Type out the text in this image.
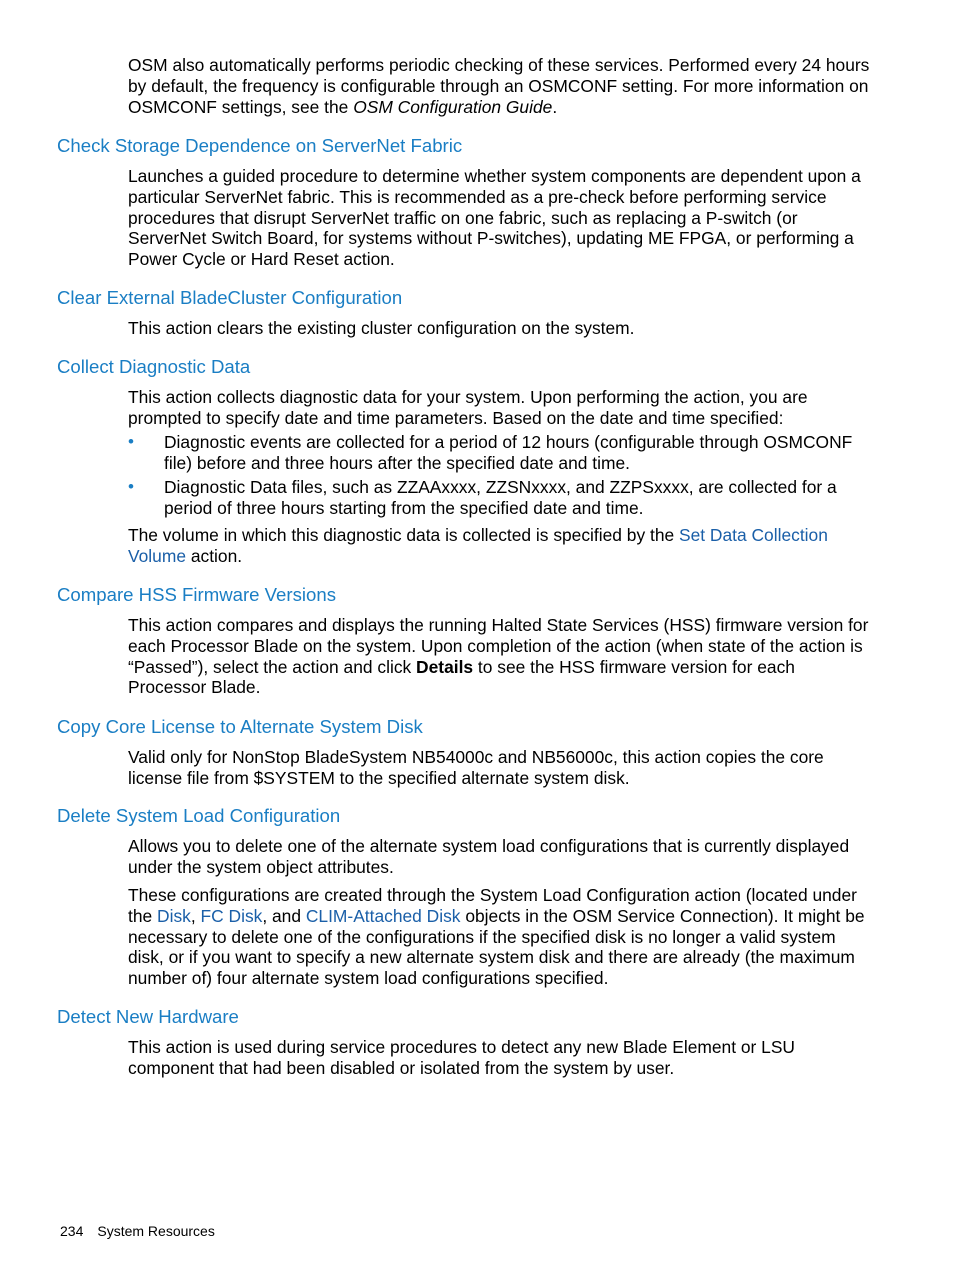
OSM also automatically performs periodic checking of these services. Performed every 24 hours by default, the frequency is configurable through an OSMCONF setting. For more information on OSMCONF settings, see the OSM Configuration Guide.

Check Storage Dependence on ServerNet Fabric

Launches a guided procedure to determine whether system components are dependent upon a particular ServerNet fabric. This is recommended as a pre-check before performing service procedures that disrupt ServerNet traffic on one fabric, such as replacing a P-switch (or ServerNet Switch Board, for systems without P-switches), updating ME FPGA, or performing a Power Cycle or Hard Reset action.

Clear External BladeCluster Configuration

This action clears the existing cluster configuration on the system.

Collect Diagnostic Data

This action collects diagnostic data for your system. Upon performing the action, you are prompted to specify date and time parameters. Based on the date and time specified:

• Diagnostic events are collected for a period of 12 hours (configurable through OSMCONF file) before and three hours after the specified date and time.
• Diagnostic Data files, such as ZZAAxxxx, ZZSNxxxx, and ZZPSxxxx, are collected for a period of three hours starting from the specified date and time.

The volume in which this diagnostic data is collected is specified by the Set Data Collection Volume action.

Compare HSS Firmware Versions

This action compares and displays the running Halted State Services (HSS) firmware version for each Processor Blade on the system. Upon completion of the action (when state of the action is “Passed”), select the action and click Details to see the HSS firmware version for each Processor Blade.

Copy Core License to Alternate System Disk

Valid only for NonStop BladeSystem NB54000c and NB56000c, this action copies the core license file from $SYSTEM to the specified alternate system disk.

Delete System Load Configuration

Allows you to delete one of the alternate system load configurations that is currently displayed under the system object attributes.

These configurations are created through the System Load Configuration action (located under the Disk, FC Disk, and CLIM-Attached Disk objects in the OSM Service Connection). It might be necessary to delete one of the configurations if the specified disk is no longer a valid system disk, or if you want to specify a new alternate system disk and there are already (the maximum number of) four alternate system load configurations specified.

Detect New Hardware

This action is used during service procedures to detect any new Blade Element or LSU component that had been disabled or isolated from the system by user.

234 System Resources
